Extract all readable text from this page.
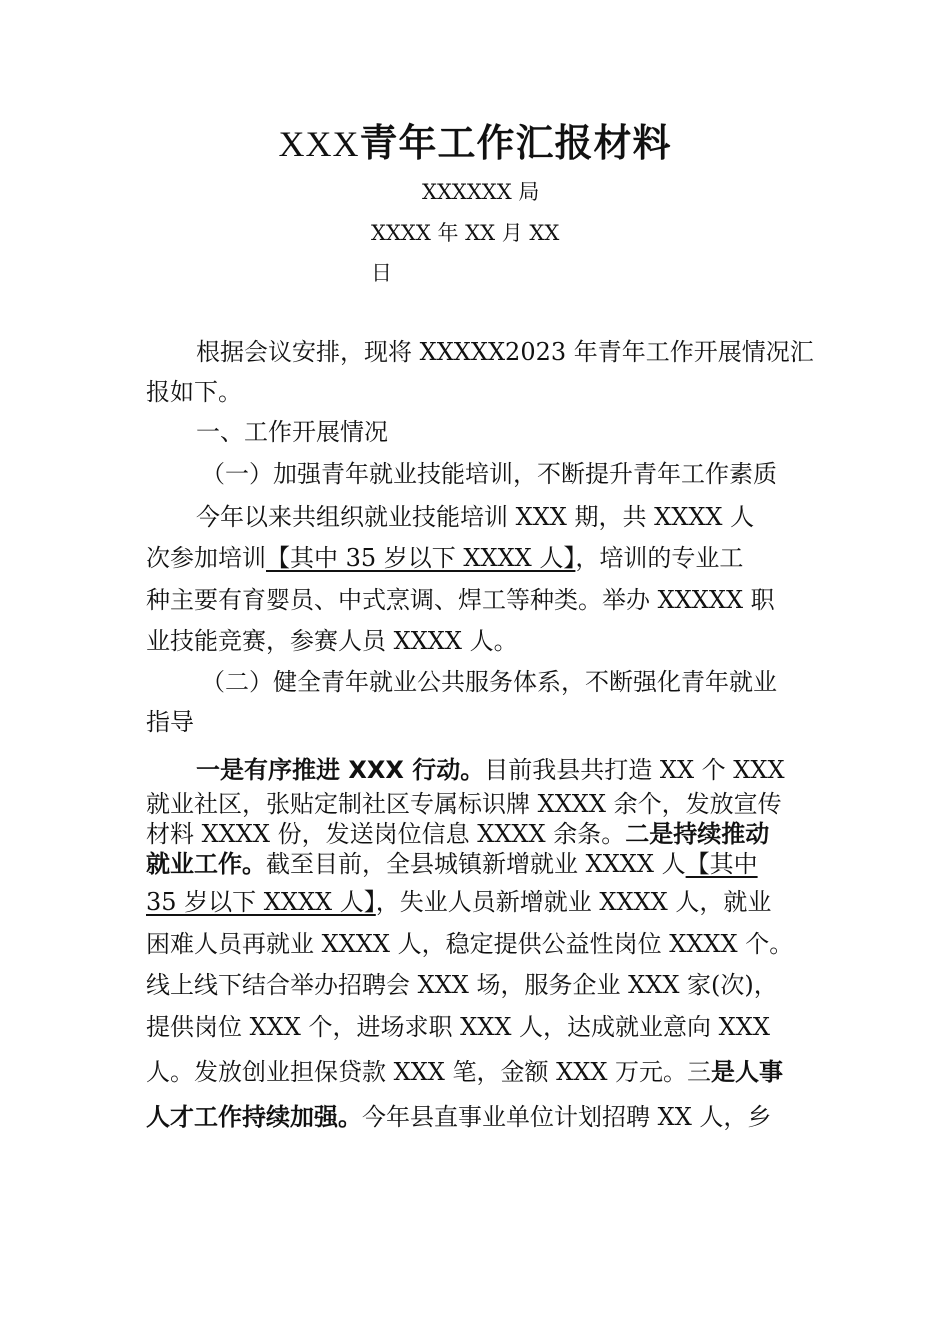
XXX青年工作汇报材料
XXXXXX 局
XXXX 年 XX 月 XX
日
根据会议安排，现将 XXXXX2023 年青年工作开展情况汇
报如下。
一、工作开展情况
（一）加强青年就业技能培训，不断提升青年工作素质
今年以来共组织就业技能培训 XXX 期，共 XXXX 人
次参加培训【其中 35 岁以下 XXXX 人】，培训的专业工
种主要有育婴员、中式烹调、焊工等种类。举办 XXXXX 职
业技能竞赛，参赛人员 XXXX 人。
（二）健全青年就业公共服务体系，不断强化青年就业
指导
一是有序推进 XXX 行动。目前我县共打造 XX 个 XXX
就业社区，张贴定制社区专属标识牌 XXXX 余个，发放宣传
材料 XXXX 份，发送岗位信息 XXXX 余条。二是持续推动
就业工作。截至目前，全县城镇新增就业 XXXX 人【其中
35 岁以下 XXXX 人】，失业人员新增就业 XXXX 人，就业
困难人员再就业 XXXX 人，稳定提供公益性岗位 XXXX 个。
线上线下结合举办招聘会 XXX 场，服务企业 XXX 家(次)，
提供岗位 XXX 个，进场求职 XXX 人，达成就业意向 XXX
人。发放创业担保贷款 XXX 笔，金额 XXX 万元。三是人事
人才工作持续加强。今年县直事业单位计划招聘 XX 人，乡
